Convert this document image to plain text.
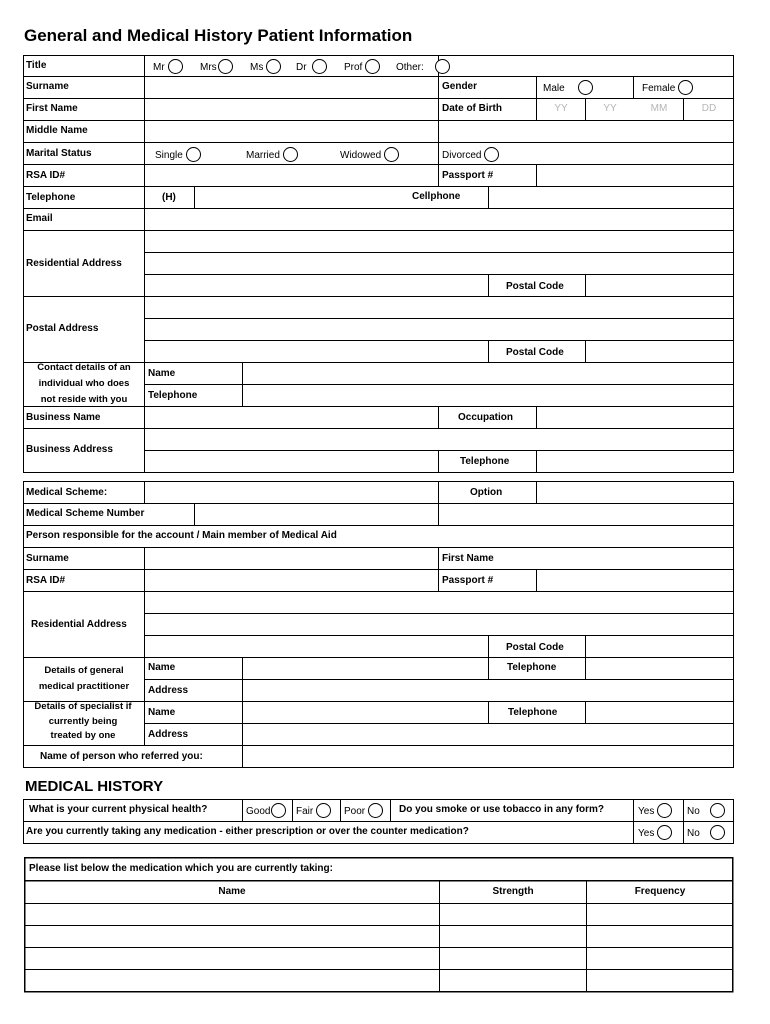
General and Medical History Patient Information
Title	Mr	Mrs	Ms	Dr	Prof	Other:
Surname	Gender	Male	Female
First Name	Date of Birth	YY	YY	MM	DD
Middle Name
Marital Status	Single	Married	Widowed	Divorced
RSA ID#	Passport #
Telephone	(H)	Cellphone
Email
Residential Address
Postal Code
Postal Address
Postal Code
Contact details of an
individual who does
not reside with you
Name
Telephone
Business Name	Occupation
Business Address
Telephone
Medical Scheme:	Option
Medical Scheme Number
Person responsible for the account / Main member of Medical Aid
Surname	First Name
RSA ID#	Passport #
Residential Address
Postal Code
Details of general
medical practitioner
Name	Telephone
Address
Details of specialist if
currently being
treated by one
Name	Telephone
Address
Name of person who referred you:
MEDICAL HISTORY
What is your current physical health?	Good	Fair	Poor	Do you smoke or use tobacco in any form?	Yes	No
Are you currently taking any medication - either prescription or over the counter medication?	Yes	No
Please list below the medication which you are currently taking:
Name	Strength	Frequency
